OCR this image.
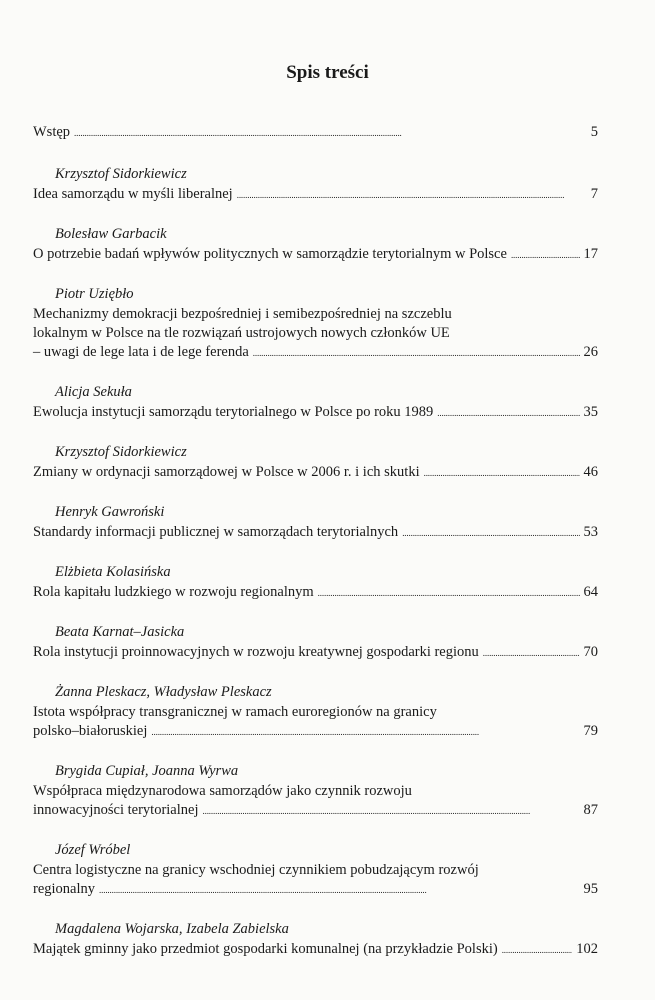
Spis treści
Wstęp . . .	5
Krzysztof Sidorkiewicz
Idea samorządu w myśli liberalnej . . .	7
Bolesław Garbacik
O potrzebie badań wpływów politycznych w samorządzie terytorialnym w Polsce . . .	17
Piotr Uziębło
Mechanizmy demokracji bezpośredniej i semibezpośredniej na szczeblu
lokalnym w Polsce na tle rozwiązań ustrojowych nowych członków UE
– uwagi de lege lata i de lege ferenda . . .	26
Alicja Sekuła
Ewolucja instytucji samorządu terytorialnego w Polsce po roku 1989 . . .	35
Krzysztof Sidorkiewicz
Zmiany w ordynacji samorządowej w Polsce w 2006 r. i ich skutki . . .	46
Henryk Gawroński
Standardy informacji publicznej w samorządach terytorialnych . . .	53
Elżbieta Kolasińska
Rola kapitału ludzkiego w rozwoju regionalnym . . .	64
Beata Karnat–Jasicka
Rola instytucji proinnowacyjnych w rozwoju kreatywnej gospodarki regionu . . .	70
Żanna Pleskacz, Władysław Pleskacz
Istota współpracy transgranicznej w ramach euroregionów na granicy
polsko–białoruskiej . . .	79
Brygida Cupiał, Joanna Wyrwa
Współpraca międzynarodowa samorządów jako czynnik rozwoju
innowacyjności terytorialnej . . .	87
Józef Wróbel
Centra logistyczne na granicy wschodniej czynnikiem pobudzającym rozwój
regionalny . . .	95
Magdalena Wojarska, Izabela Zabielska
Majątek gminny jako przedmiot gospodarki komunalnej (na przykładzie Polski) . . .	102
